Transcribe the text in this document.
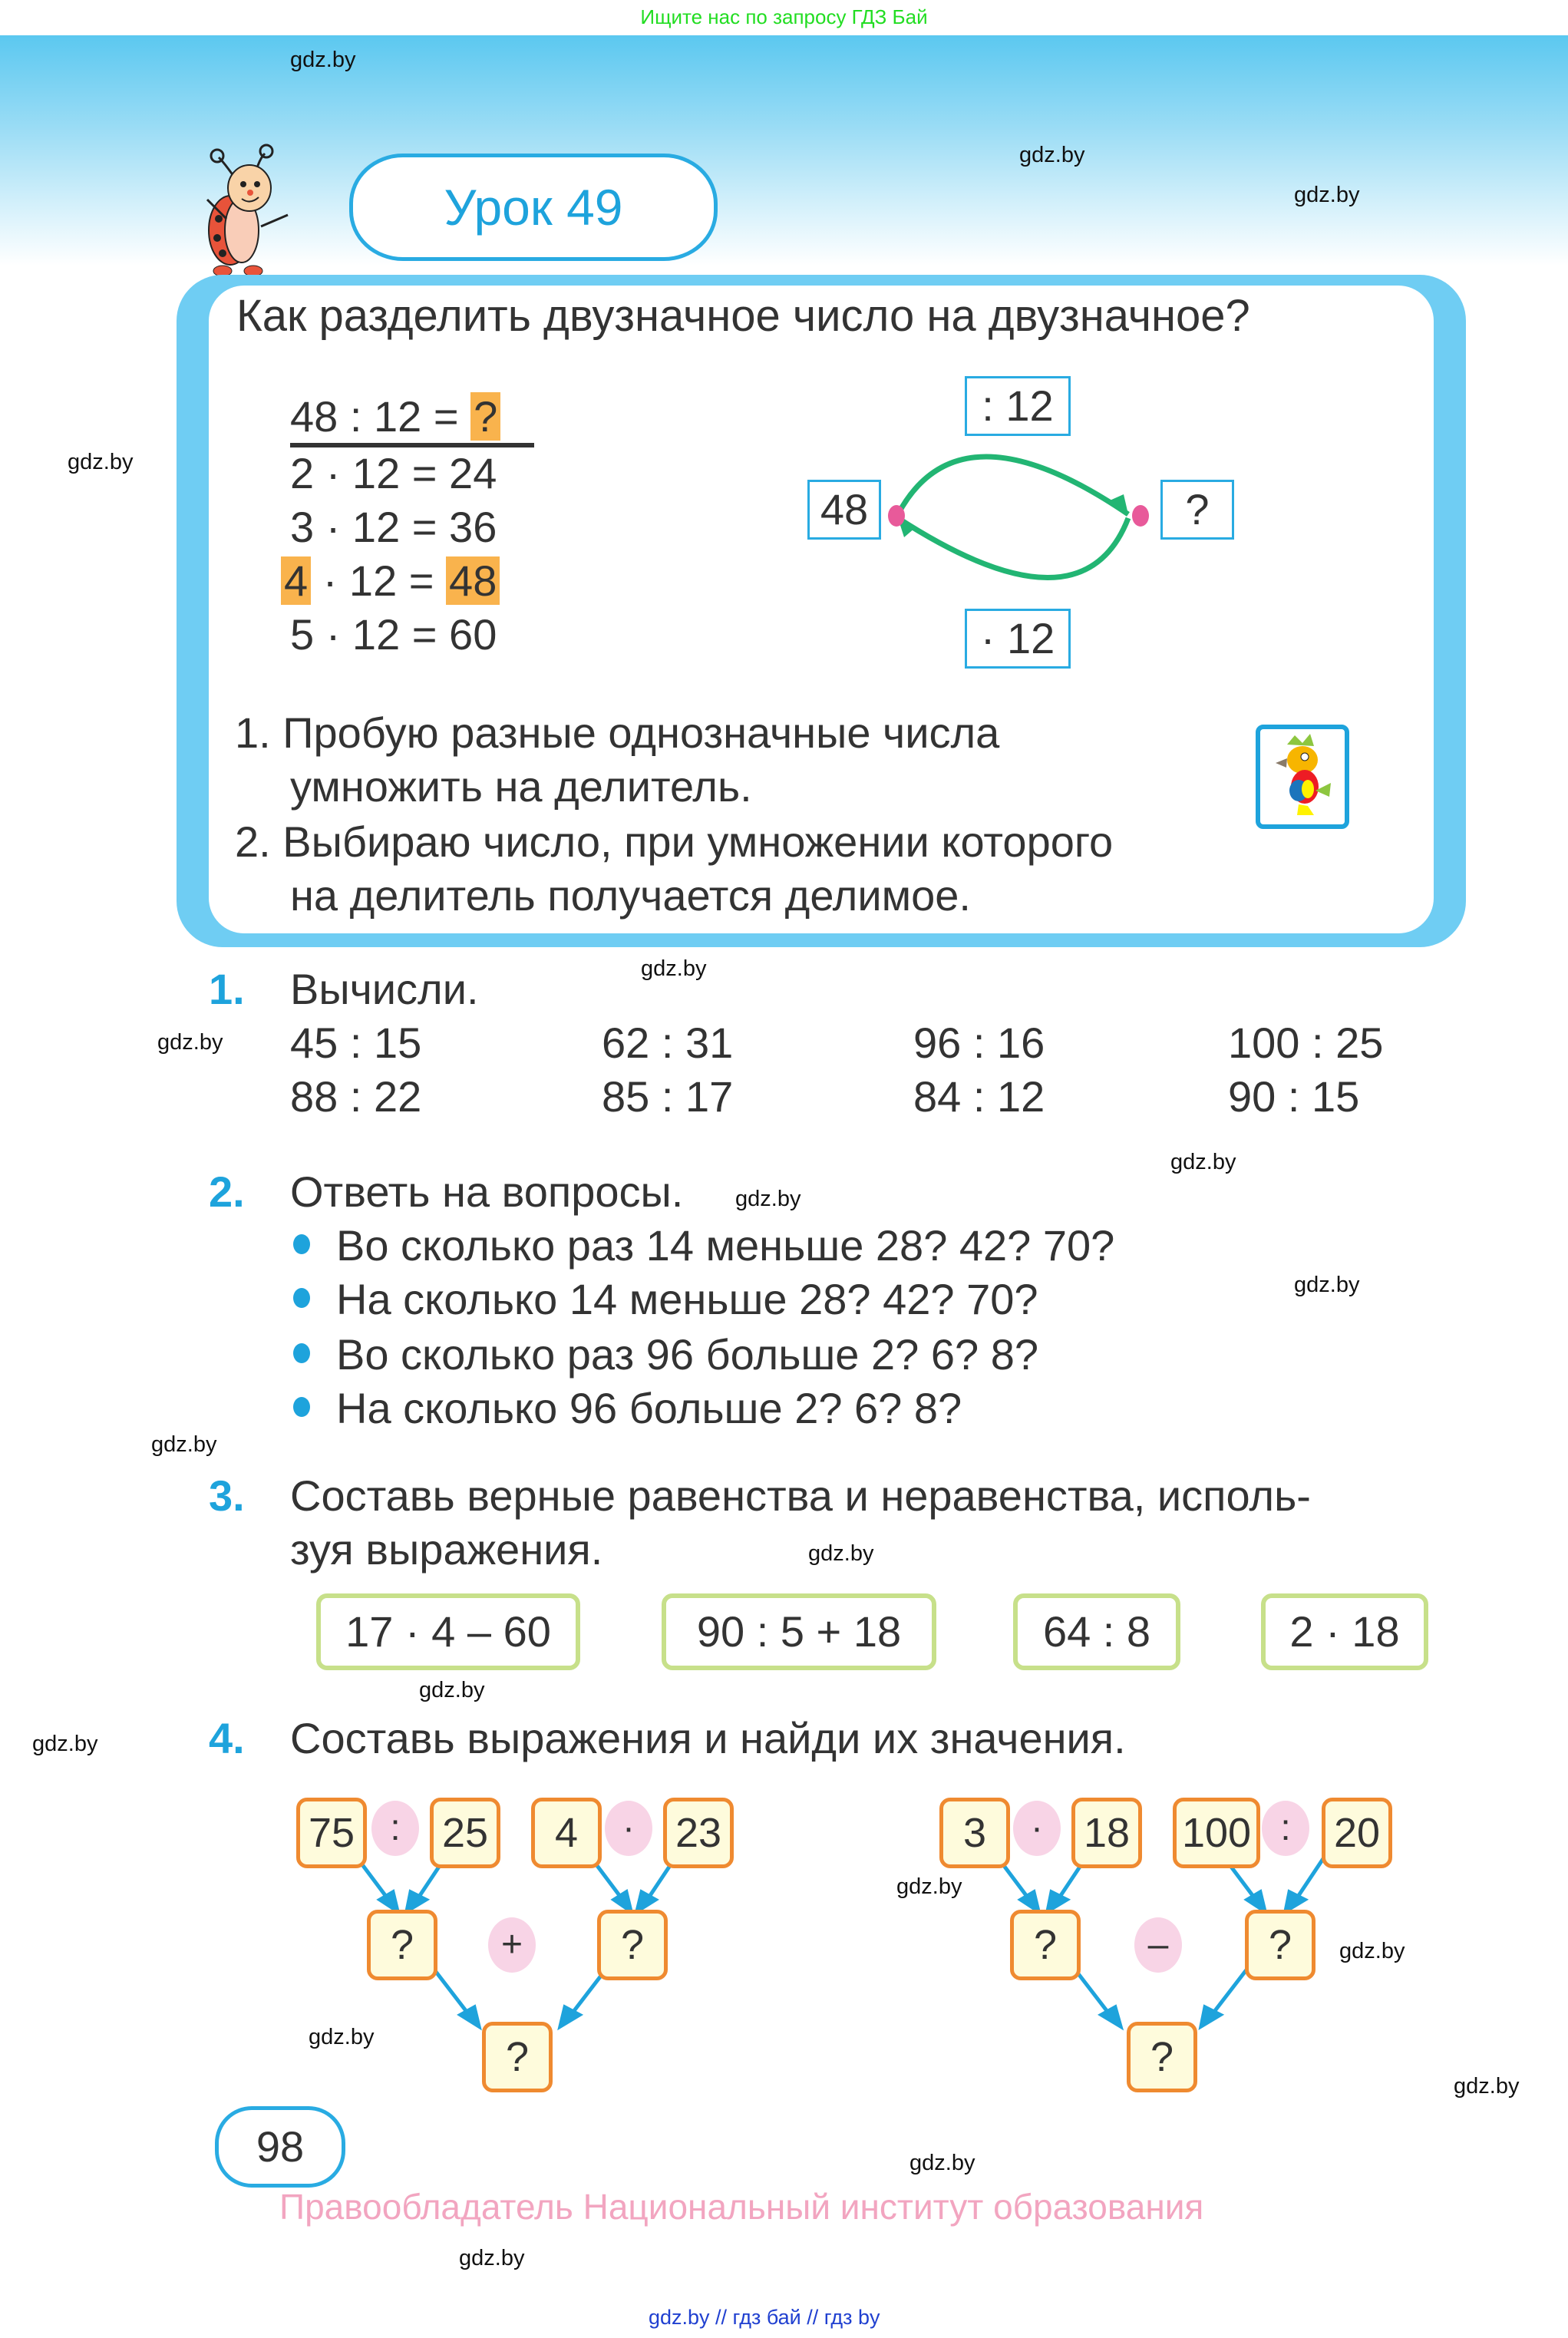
Ищите нас по запросу ГДЗ Бай
gdz.by
gdz.by
gdz.by
gdz.by
gdz.by
gdz.by
gdz.by
gdz.by
gdz.by
gdz.by
gdz.by
gdz.by
gdz.by
gdz.by
gdz.by
gdz.by
gdz.by
gdz.by
gdz.by
Урок 49
Как разделить двузначное число на двузначное?
48 : 12 = ?
2 · 12 = 24
3 · 12 = 36
4 · 12 = 48
5 · 12 = 60
48	?
: 12
· 12
1. Пробую разные однозначные числа
умножить на делитель.
2. Выбираю число, при умножении которого
на делитель получается делимое.
1. Вычисли.
45 : 15	62 : 31	96 : 16	100 : 25
88 : 22	85 : 17	84 : 12	90 : 15
2. Ответь на вопросы.
Во сколько раз 14 меньше 28? 42? 70?
На сколько 14 меньше 28? 42? 70?
Во сколько раз 96 больше 2? 6? 8?
На сколько 96 больше 2? 6? 8?
3. Составь верные равенства и неравенства, исполь-
зуя выражения.
17 · 4 – 60	90 : 5 + 18	64 : 8	2 · 18
4. Составь выражения и найди их значения.
75 :	25	4	· 23
?	+	?
?
3	· 18 100 :	20
?	–	?
?
98
Правообладатель Национальный институт образования
gdz.by // гдз бай // гдз by
